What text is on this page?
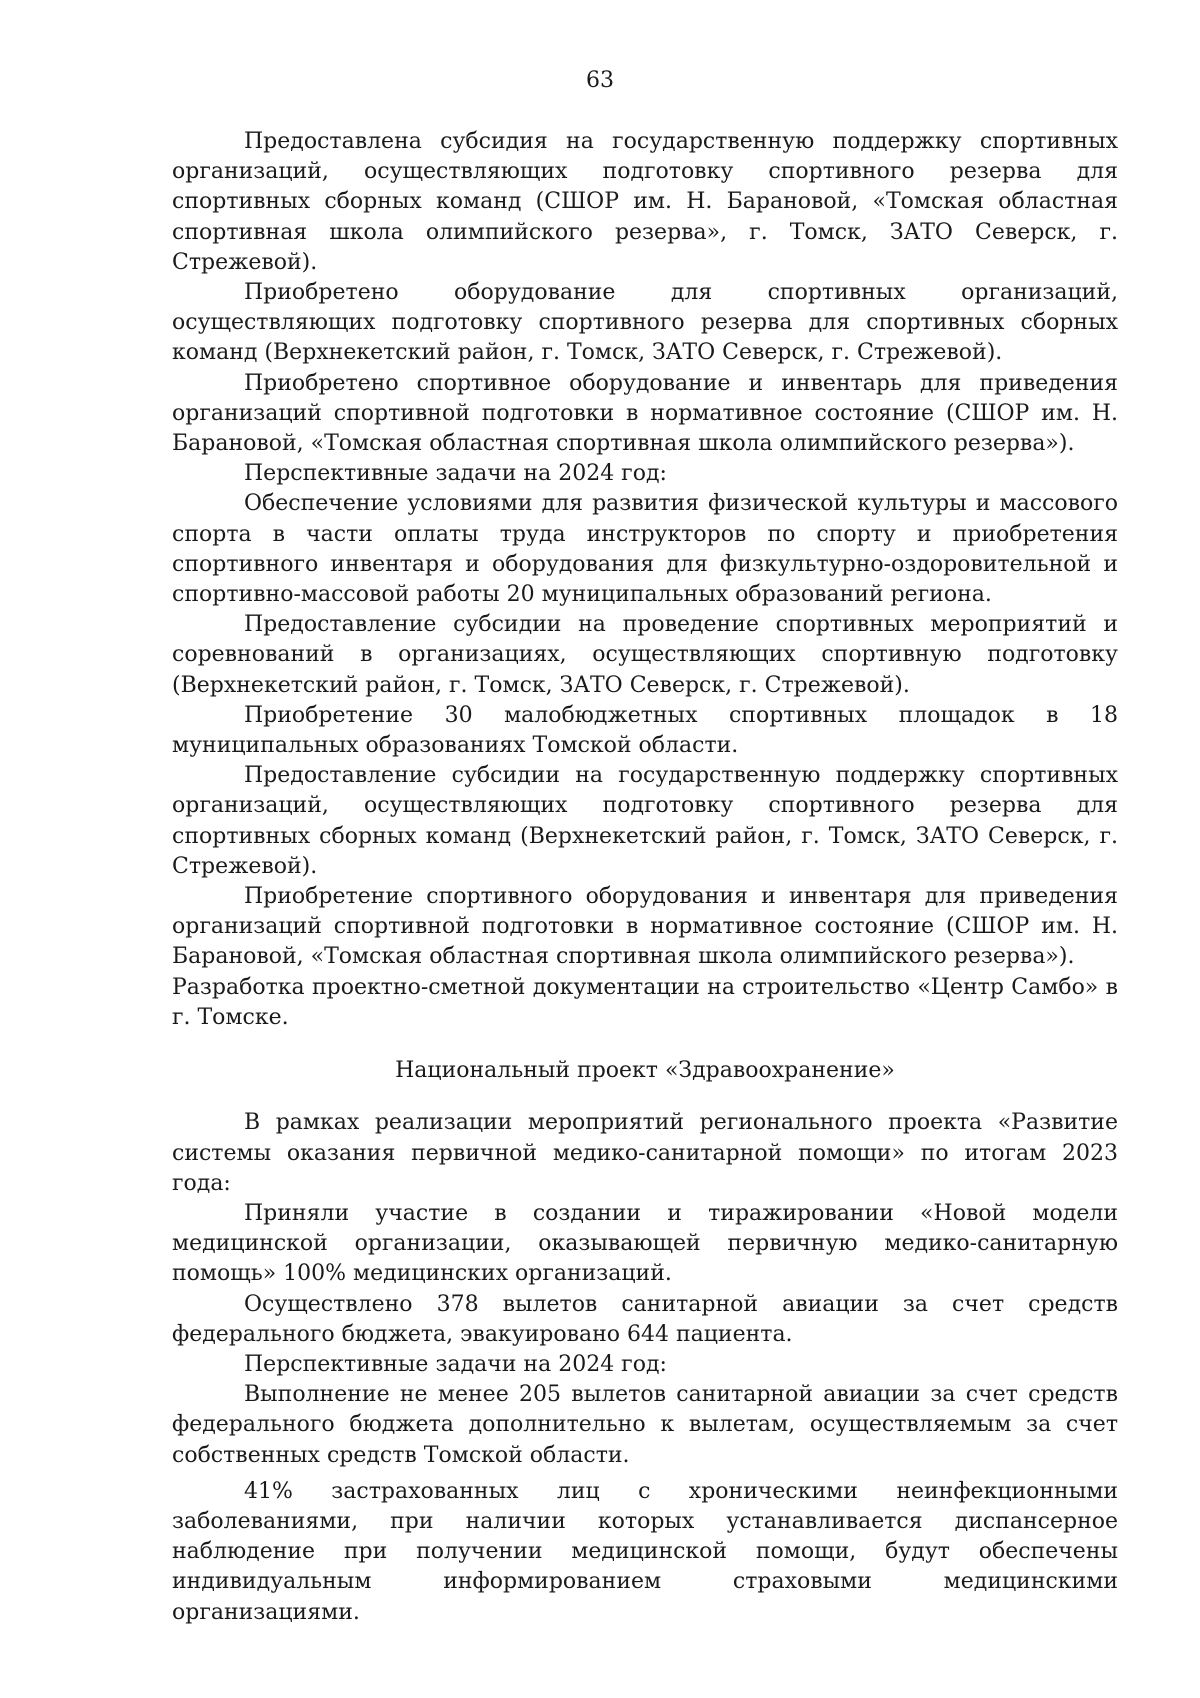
63

Предоставлена субсидия на государственную поддержку спортивных организаций, осуществляющих подготовку спортивного резерва для спортивных сборных команд (СШОР им. Н. Барановой, «Томская областная спортивная школа олимпийского резерва», г. Томск, ЗАТО Северск, г. Стрежевой).

Приобретено оборудование для спортивных организаций, осуществляющих подготовку спортивного резерва для спортивных сборных команд (Верхнекетский район, г. Томск, ЗАТО Северск, г. Стрежевой).

Приобретено спортивное оборудование и инвентарь для приведения организаций спортивной подготовки в нормативное состояние (СШОР им. Н. Барановой, «Томская областная спортивная школа олимпийского резерва»).

Перспективные задачи на 2024 год:

Обеспечение условиями для развития физической культуры и массового спорта в части оплаты труда инструкторов по спорту и приобретения спортивного инвентаря и оборудования для физкультурно-оздоровительной и спортивно-массовой работы 20 муниципальных образований региона.

Предоставление субсидии на проведение спортивных мероприятий и соревнований в организациях, осуществляющих спортивную подготовку (Верхнекетский район, г. Томск, ЗАТО Северск, г. Стрежевой).

Приобретение 30 малобюджетных спортивных площадок в 18 муниципальных образованиях Томской области.

Предоставление субсидии на государственную поддержку спортивных организаций, осуществляющих подготовку спортивного резерва для спортивных сборных команд (Верхнекетский район, г. Томск, ЗАТО Северск, г. Стрежевой).

Приобретение спортивного оборудования и инвентаря для приведения организаций спортивной подготовки в нормативное состояние (СШОР им. Н. Барановой, «Томская областная спортивная школа олимпийского резерва»).

Разработка проектно-сметной документации на строительство «Центр Самбо» в г. Томске.

Национальный проект «Здравоохранение»

В рамках реализации мероприятий регионального проекта «Развитие системы оказания первичной медико-санитарной помощи» по итогам 2023 года:

Приняли участие в создании и тиражировании «Новой модели медицинской организации, оказывающей первичную медико-санитарную помощь» 100% медицинских организаций.

Осуществлено 378 вылетов санитарной авиации за счет средств федерального бюджета, эвакуировано 644 пациента.

Перспективные задачи на 2024 год:

Выполнение не менее 205 вылетов санитарной авиации за счет средств федерального бюджета дополнительно к вылетам, осуществляемым за счет собственных средств Томской области.

41% застрахованных лиц с хроническими неинфекционными заболеваниями, при наличии которых устанавливается диспансерное наблюдение при получении медицинской помощи, будут обеспечены индивидуальным информированием страховыми медицинскими организациями.
